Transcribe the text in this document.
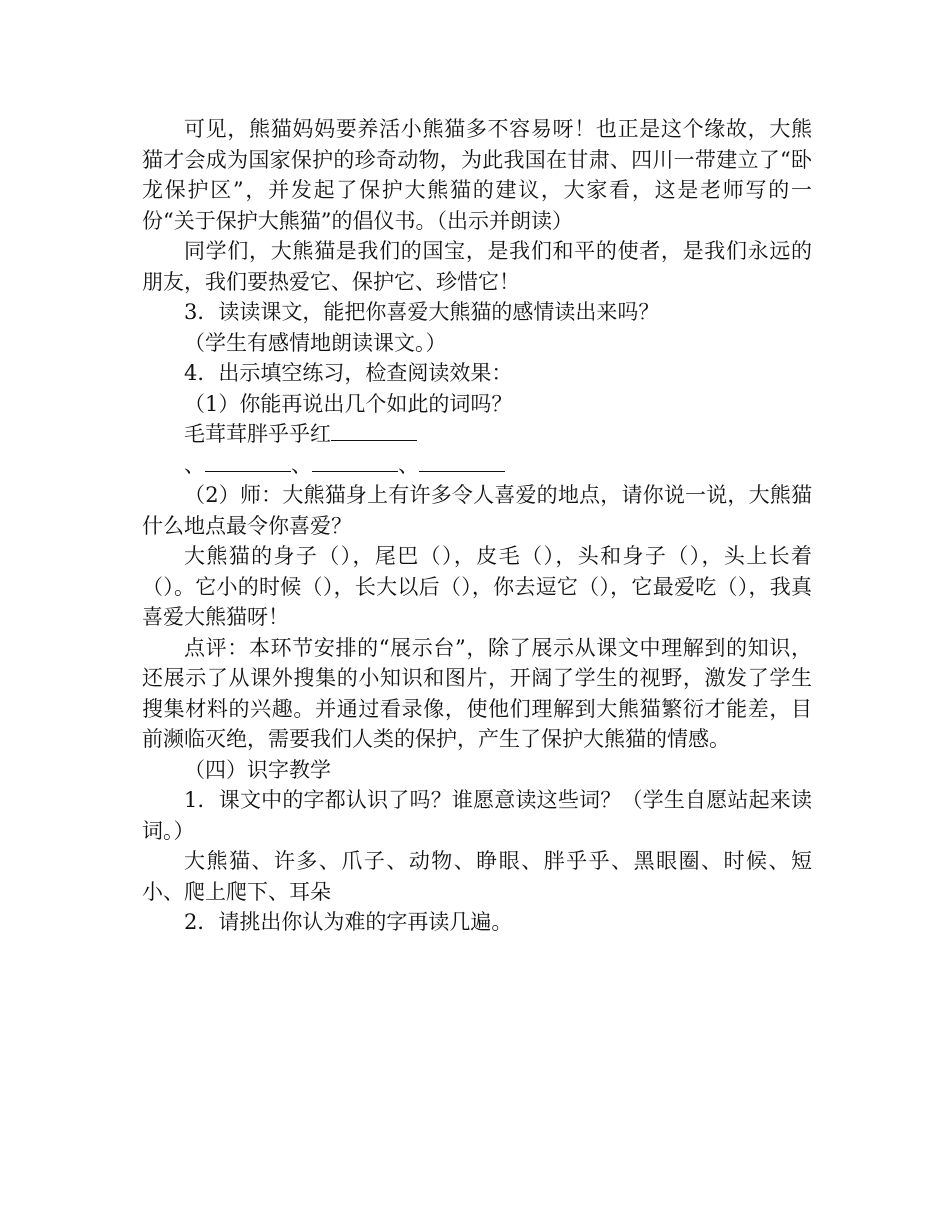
可见，熊猫妈妈要养活小熊猫多不容易呀！也正是这个缘故，大熊猫才会成为国家保护的珍奇动物，为此我国在甘肃、四川一带建立了“卧龙保护区”，并发起了保护大熊猫的建议，大家看，这是老师写的一份“关于保护大熊猫”的倡仪书。（出示并朗读）

同学们，大熊猫是我们的国宝，是我们和平的使者，是我们永远的朋友，我们要热爱它、保护它、珍惜它！

3．读读课文，能把你喜爱大熊猫的感情读出来吗？

（学生有感情地朗读课文。）

4．出示填空练习，检查阅读效果：

（1）你能再说出几个如此的词吗？

毛茸茸胖乎乎红
、	、	、

（2）师：大熊猫身上有许多令人喜爱的地点，请你说一说，大熊猫什么地点最令你喜爱？

大熊猫的身子（），尾巴（），皮毛（），头和身子（），头上长着（）。它小的时候（），长大以后（），你去逗它（），它最爱吃（），我真喜爱大熊猫呀！

点评：本环节安排的“展示台”，除了展示从课文中理解到的知识，还展示了从课外搜集的小知识和图片，开阔了学生的视野，激发了学生搜集材料的兴趣。并通过看录像，使他们理解到大熊猫繁衍才能差，目前濒临灭绝，需要我们人类的保护，产生了保护大熊猫的情感。

（四）识字教学

1．课文中的字都认识了吗？谁愿意读这些词？（学生自愿站起来读词。）

大熊猫、许多、爪子、动物、睁眼、胖乎乎、黑眼圈、时候、短小、爬上爬下、耳朵

2．请挑出你认为难的字再读几遍。
